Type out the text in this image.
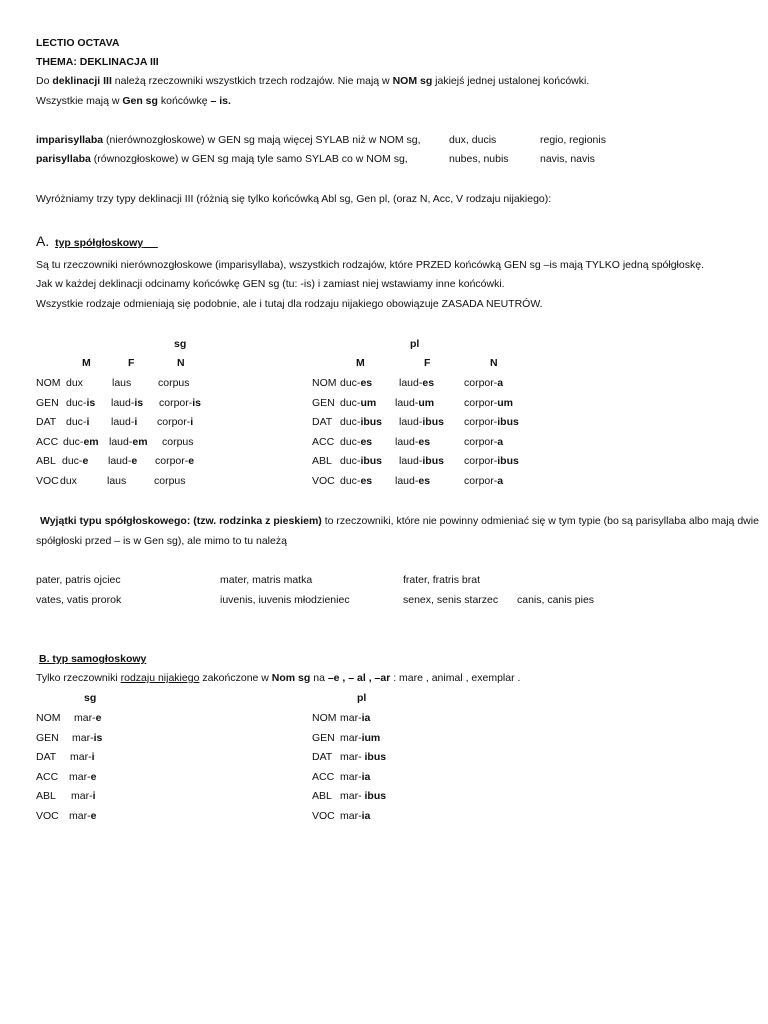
LECTIO OCTAVA
THEMA: DEKLINACJA III
Do deklinacji III należą rzeczowniki wszystkich trzech rodzajów. Nie mają w NOM sg jakiejś jednej ustalonej końcówki.
Wszystkie mają w Gen sg końcówkę – is.
imparisyllaba (nierównozgłoskowe) w GEN sg mają więcej SYLAB niż w NOM sg,	dux, ducis	regio, regionis
parisyllaba (równozgłoskowe) w GEN sg mają tyle samo SYLAB co w NOM sg,	nubes, nubis	navis, navis
Wyróżniamy trzy typy deklinacji III (różnią się tylko końcówką Abl sg, Gen pl, (oraz N, Acc, V rodzaju nijakiego):
A. typ spółgłoskowy
Są tu rzeczowniki nierównozgłoskowe (imparisyllaba), wszystkich rodzajów, które PRZED końcówką GEN sg –is mają TYLKO jedną spółgłoskę.
Jak w każdej deklinacji odcinamy końcówkę GEN sg (tu: -is) i zamiast niej wstawiamy inne końcówki.
Wszystkie rodzaje odmieniają się podobnie, ale i tutaj dla rodzaju nijakiego obowiązuje ZASADA NEUTRÓW.
sg	pl
M	F	N	M	F	N
NOM dux	laus	corpus	NOM duc-es	laud-es	corpor-a
GEN duc-is laud-is corpor-is	GEN duc-um laud-um	corpor-um
DAT duc-i laud-i corpor-i	DAT duc-ibus laud-ibus corpor-ibus
ACC duc-em laud-em corpus	ACC duc-es laud-es	corpor-a
ABL duc-e laud-e corpor-e	ABL duc-ibus laud-ibus corpor-ibus
VOC dux	laus	corpus	VOC duc-es laud-es	corpor-a
Wyjątki typu spółgłoskowego: (tzw. rodzinka z pieskiem) to rzeczowniki, które nie powinny odmieniać się w tym typie (bo są parisyllaba albo mają dwie
spółgłoski przed – is w Gen sg), ale mimo to tu należą
pater, patris ojciec	mater, matris matka	frater, fratris brat
vates, vatis prorok	iuvenis, iuvenis młodzieniec	senex, senis starzec canis, canis pies
B. typ samogłoskowy
Tylko rzeczowniki rodzaju nijakiego zakończone w Nom sg na –e , – al , –ar : mare , animal , exemplar .
sg	pl
NOM mar-e	NOM mar-ia
GEN mar-is	GEN mar-ium
DAT mar-i	DAT mar- ibus
ACC mar-e	ACC mar-ia
ABL mar-i	ABL mar- ibus
VOC mar-e	VOC mar-ia
